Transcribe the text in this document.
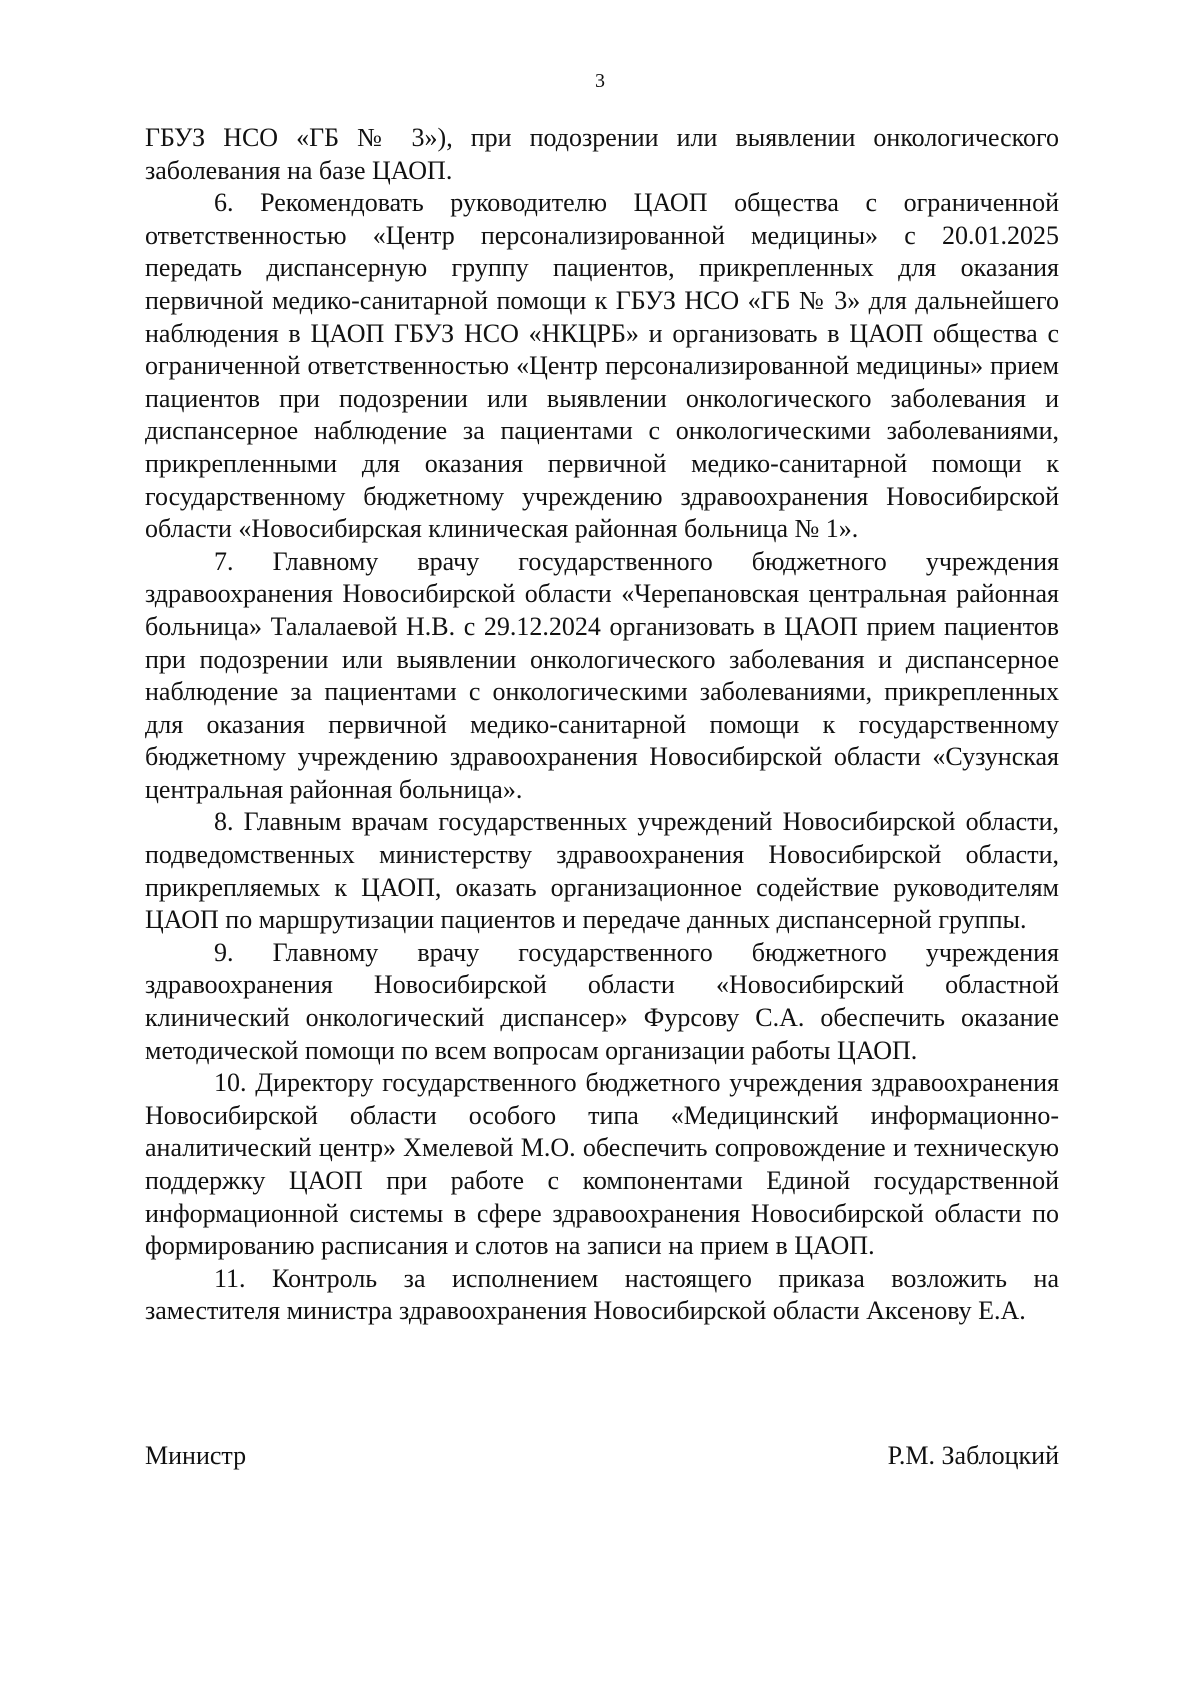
3

ГБУЗ НСО «ГБ № 3»), при подозрении или выявлении онкологического заболевания на базе ЦАОП.

6. Рекомендовать руководителю ЦАОП общества с ограниченной ответственностью «Центр персонализированной медицины» с 20.01.2025 передать диспансерную группу пациентов, прикрепленных для оказания первичной медико-санитарной помощи к ГБУЗ НСО «ГБ № 3» для дальнейшего наблюдения в ЦАОП ГБУЗ НСО «НКЦРБ» и организовать в ЦАОП общества с ограниченной ответственностью «Центр персонализированной медицины» прием пациентов при подозрении или выявлении онкологического заболевания и диспансерное наблюдение за пациентами с онкологическими заболеваниями, прикрепленными для оказания первичной медико-санитарной помощи к государственному бюджетному учреждению здравоохранения Новосибирской области «Новосибирская клиническая районная больница № 1».

7. Главному врачу государственного бюджетного учреждения здравоохранения Новосибирской области «Черепановская центральная районная больница» Талалаевой Н.В. с 29.12.2024 организовать в ЦАОП прием пациентов при подозрении или выявлении онкологического заболевания и диспансерное наблюдение за пациентами с онкологическими заболеваниями, прикрепленных для оказания первичной медико-санитарной помощи к государственному бюджетному учреждению здравоохранения Новосибирской области «Сузунская центральная районная больница».

8. Главным врачам государственных учреждений Новосибирской области, подведомственных министерству здравоохранения Новосибирской области, прикрепляемых к ЦАОП, оказать организационное содействие руководителям ЦАОП по маршрутизации пациентов и передаче данных диспансерной группы.

9. Главному врачу государственного бюджетного учреждения здравоохранения Новосибирской области «Новосибирский областной клинический онкологический диспансер» Фурсову С.А. обеспечить оказание методической помощи по всем вопросам организации работы ЦАОП.

10. Директору государственного бюджетного учреждения здравоохранения Новосибирской области особого типа «Медицинский информационно-аналитический центр» Хмелевой М.О. обеспечить сопровождение и техническую поддержку ЦАОП при работе с компонентами Единой государственной информационной системы в сфере здравоохранения Новосибирской области по формированию расписания и слотов на записи на прием в ЦАОП.

11. Контроль за исполнением настоящего приказа возложить на заместителя министра здравоохранения Новосибирской области Аксенову Е.А.

Министр	Р.М. Заблоцкий
